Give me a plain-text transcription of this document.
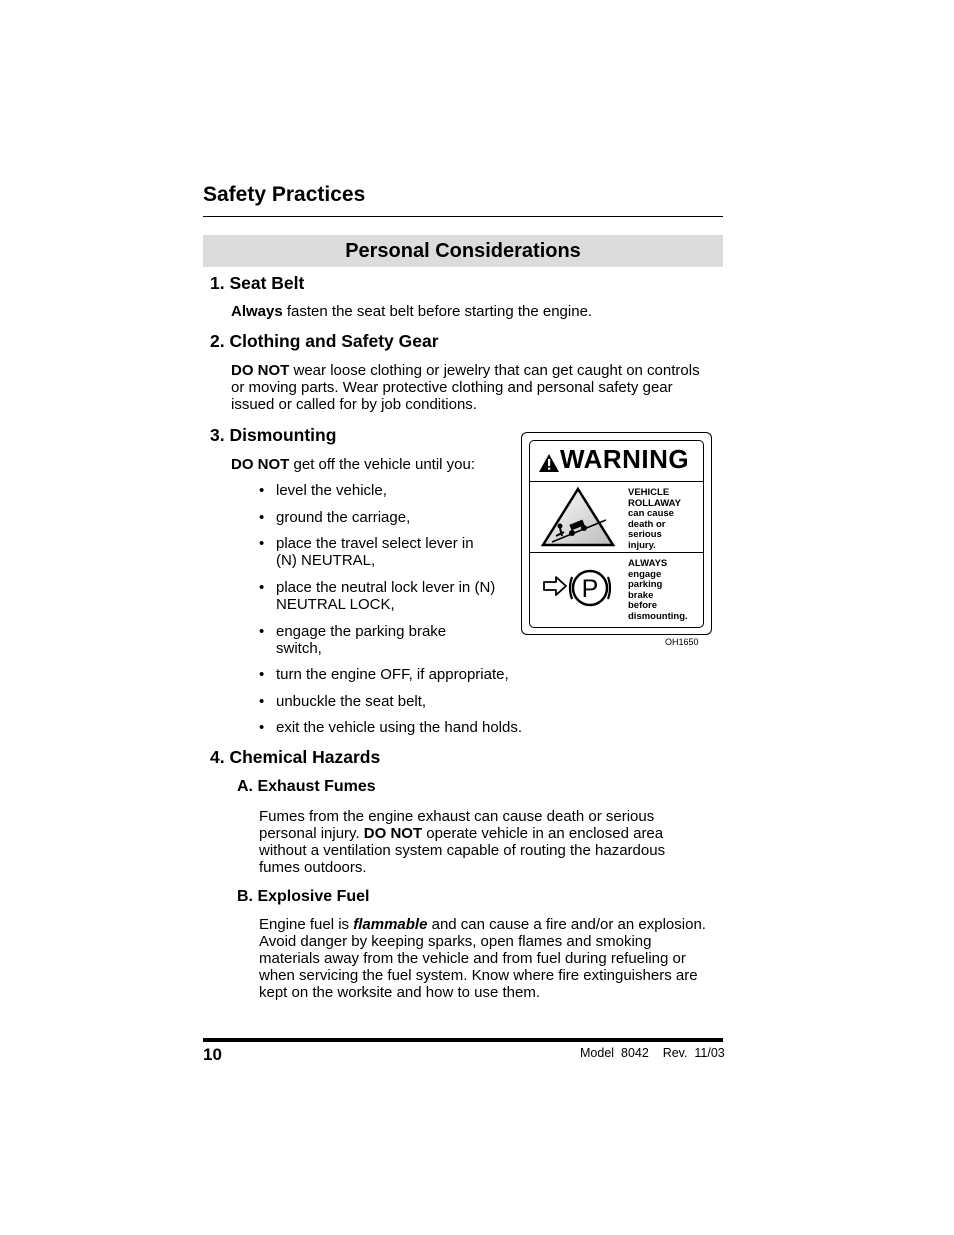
Safety Practices
Personal Considerations
1. Seat Belt
Always fasten the seat belt before starting the engine.
2. Clothing and Safety Gear
DO NOT wear loose clothing or jewelry that can get caught on controls
or moving parts. Wear protective clothing and personal safety gear
issued or called for by job conditions.
3. Dismounting
DO NOT get off the vehicle until you:
• level the vehicle,
• ground the carriage,
• place the travel select lever in
(N) NEUTRAL,
• place the neutral lock lever in (N)
NEUTRAL LOCK,
• engage the parking brake
switch,
• turn the engine OFF, if appropriate,
• unbuckle the seat belt,
• exit the vehicle using the hand holds.
WARNING
VEHICLE
ROLLAWAY
can cause
death or
serious
injury.
P
ALWAYS
engage
parking
brake
before
dismounting.
OH1650
4. Chemical Hazards
A. Exhaust Fumes
Fumes from the engine exhaust can cause death or serious
personal injury. DO NOT operate vehicle in an enclosed area
without a ventilation system capable of routing the hazardous
fumes outdoors.
B. Explosive Fuel
Engine fuel is flammable and can cause a fire and/or an explosion.
Avoid danger by keeping sparks, open flames and smoking
materials away from the vehicle and from fuel during refueling or
when servicing the fuel system. Know where fire extinguishers are
kept on the worksite and how to use them.
10	Model  8042    Rev.  11/03
